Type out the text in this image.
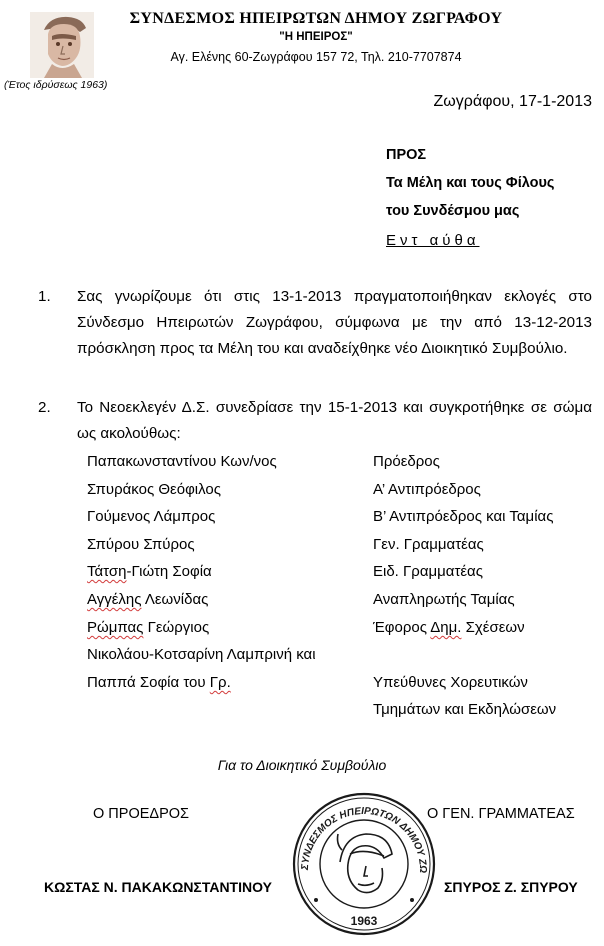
ΣΥΝΔΕΣΜΟΣ ΗΠΕΙΡΩΤΩΝ ΔΗΜΟΥ ΖΩΓΡΑΦΟΥ
"Η ΗΠΕΙΡΟΣ"
Αγ. Ελένης 60-Ζωγράφου 157 72, Τηλ. 210-7707874
(Έτος ιδρύσεως 1963)
Ζωγράφου, 17-1-2013
ΠΡΟΣ
Τα Μέλη και τους Φίλους
του Συνδέσμου μας
Εντ αύθα
1. Σας γνωρίζουμε ότι στις 13-1-2013 πραγματοποιήθηκαν εκλογές στο Σύνδεσμο Ηπειρωτών Ζωγράφου, σύμφωνα με την από 13-12-2013 πρόσκληση προς τα Μέλη του και αναδείχθηκε νέο Διοικητικό Συμβούλιο.
2. Το Νεοεκλεγέν Δ.Σ. συνεδρίασε την 15-1-2013 και συγκροτήθηκε σε σώμα ως ακολούθως:
Παπακωνσταντίνου Κων/νος	Πρόεδρος
Σπυράκος Θεόφιλος	Α’ Αντιπρόεδρος
Γούμενος Λάμπρος	Β’ Αντιπρόεδρος και Ταμίας
Σπύρου Σπύρος	Γεν. Γραμματέας
Τάτση-Γιώτη Σοφία	Ειδ. Γραμματέας
Αγγέλης Λεωνίδας	Αναπληρωτής Ταμίας
Ρώμπας Γεώργιος	Έφορος Δημ. Σχέσεων
Νικολάου-Κοτσαρίνη Λαμπρινή και
Παππά Σοφία του Γρ.	Υπεύθυνες Χορευτικών
Τμημάτων και Εκδηλώσεων
Για το Διοικητικό Συμβούλιο
Ο ΠΡΟΕΔΡΟΣ	Ο ΓΕΝ. ΓΡΑΜΜΑΤΕΑΣ
ΚΩΣΤΑΣ Ν. ΠΑΚΑΚΩΝΣΤΑΝΤΙΝΟΥ	ΣΠΥΡΟΣ Ζ. ΣΠΥΡΟΥ
ΣΥΝΔΕΣΜΟΣ ΗΠΕΙΡΩΤΩΝ ΔΗΜΟΥ ΖΩ
1963
